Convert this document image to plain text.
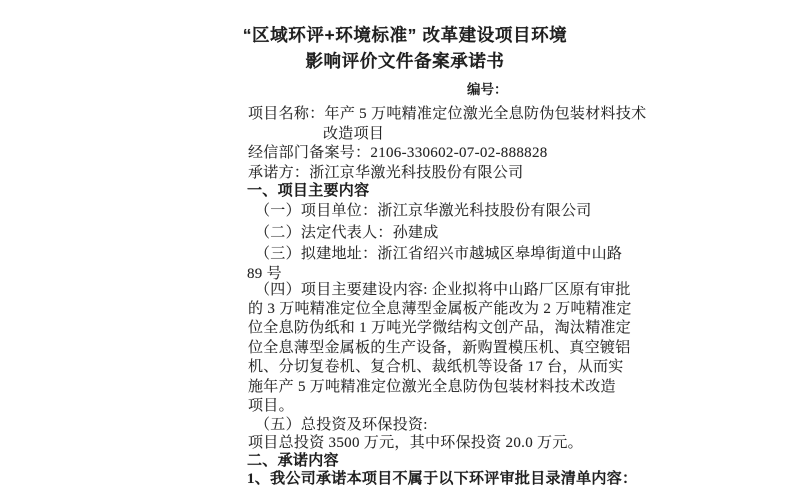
“区域环评+环境标准” 改革建设项目环境
影响评价文件备案承诺书
编号：
项目名称：年产 5 万吨精准定位激光全息防伪包装材料技术
改造项目
经信部门备案号：2106-330602-07-02-888828
承诺方：浙江京华激光科技股份有限公司
一、项目主要内容
（一）项目单位：浙江京华激光科技股份有限公司
（二）法定代表人：孙建成
（三）拟建地址：浙江省绍兴市越城区皋埠街道中山路
89 号
（四）项目主要建设内容: 企业拟将中山路厂区原有审批
的 3 万吨精准定位全息薄型金属板产能改为 2 万吨精准定
位全息防伪纸和 1 万吨光学微结构文创产品，淘汰精准定
位全息薄型金属板的生产设备，新购置模压机、真空镀铝
机、分切复卷机、复合机、裁纸机等设备 17 台，从而实
施年产 5 万吨精准定位激光全息防伪包装材料技术改造
项目。
（五）总投资及环保投资:
项目总投资 3500 万元，其中环保投资 20.0 万元。
二、承诺内容
1、我公司承诺本项目不属于以下环评审批目录清单内容：
